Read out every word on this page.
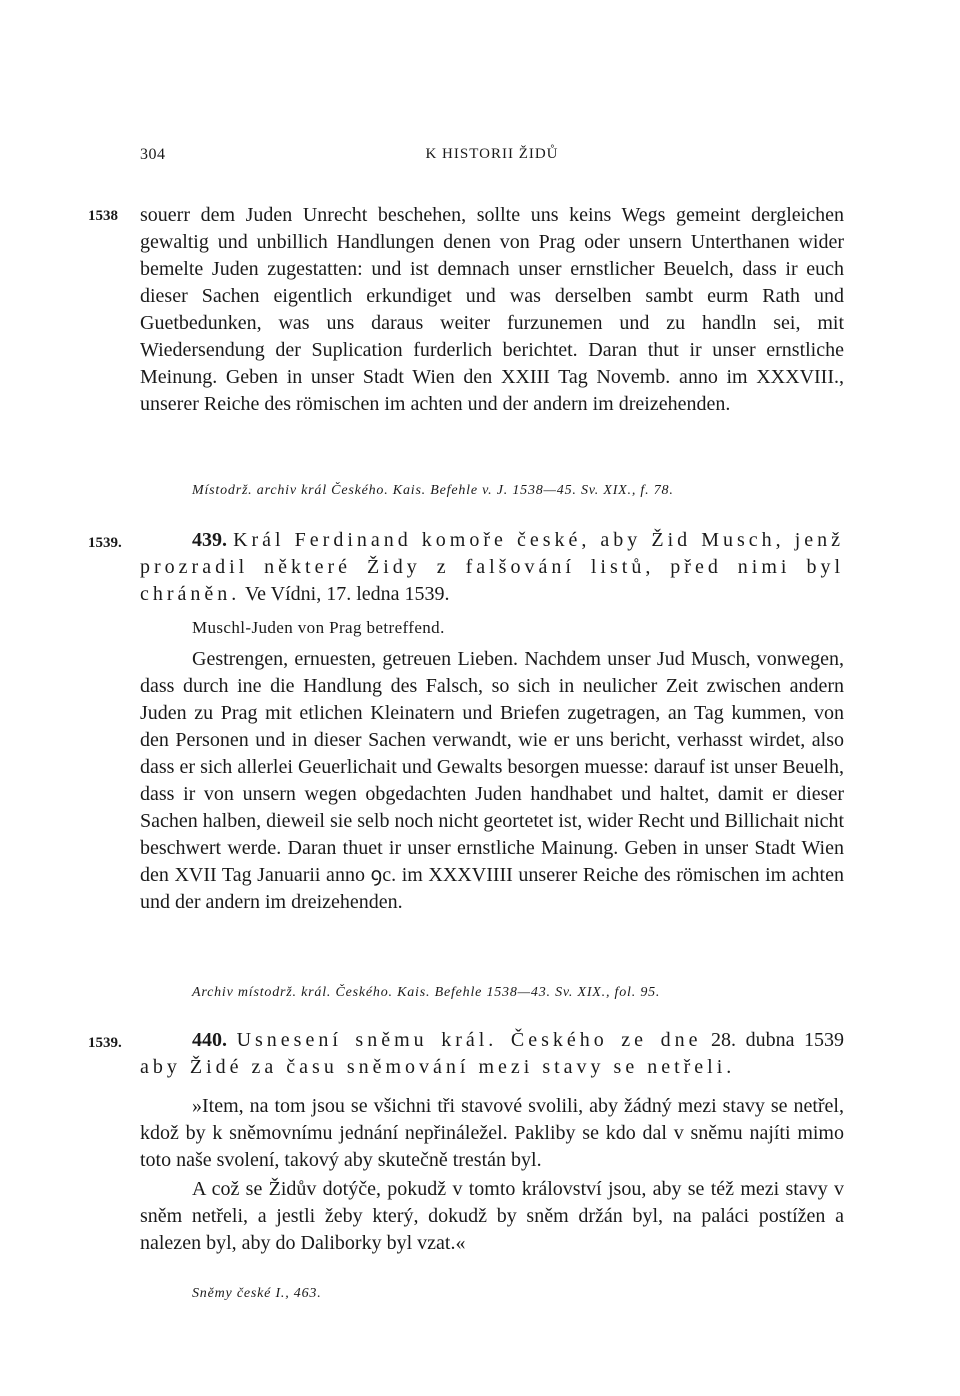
304	K HISTORII ŽIDŮ
1538 souerr dem Juden Unrecht beschehen, sollte uns keins Wegs gemeint dergleichen gewaltig und unbillich Handlungen denen von Prag oder unsern Unterthanen wider bemelte Juden zugestatten: und ist demnach unser ernstlicher Beuelch, dass ir euch dieser Sachen eigentlich erkundiget und was derselben sambt eurm Rath und Guetbedunken, was uns daraus weiter furzunemen und zu handln sei, mit Wiedersendung der Suplication furderlich berichtet. Daran thut ir unser ernstliche Meinung. Geben in unser Stadt Wien den XXIII Tag Novemb. anno im XXXVIII., unserer Reiche des römischen im achten und der andern im dreizehenden.

Místodrž. archiv král Českého. Kais. Befehle v. J. 1538—45. Sv. XIX., f. 78.
1539.	439. Král Ferdinand komoře české, aby Žid Musch, jenž prozradil některé Židy z falšování listů, před nimi byl chráněn. Ve Vídni, 17. ledna 1539.

Muschl-Juden von Prag betreffend.

Gestrengen, ernuesten, getreuen Lieben. Nachdem unser Jud Musch, vonwegen, dass durch ine die Handlung des Falsch, so sich in neulicher Zeit zwischen andern Juden zu Prag mit etlichen Kleinatern und Briefen zugetragen, an Tag kummen, von den Personen und in dieser Sachen verwandt, wie er uns bericht, verhasst wirdet, also dass er sich allerlei Geuerlichait und Gewalts besorgen muesse: darauf ist unser Beuelh, dass ir von unsern wegen obgedachten Juden handhabet und haltet, damit er dieser Sachen halben, dieweil sie selb noch nicht geortetet ist, wider Recht und Billichait nicht beschwert werde. Daran thuet ir unser ernstliche Mainung. Geben in unser Stadt Wien den XVII Tag Januarii anno ꝯc. im XXXVIIII unserer Reiche des römischen im achten und der andern im dreizehenden.

Archiv místodrž. král. Českého. Kais. Befehle 1538—43. Sv. XIX., fol. 95.
1539.	440. Usnesení sněmu král. Českého ze dne 28. dubna 1539 aby Židé za času sněmování mezi stavy se netřeli.

»Item, na tom jsou se všichni tři stavové svolili, aby žádný mezi stavy se netřel, kdož by k sněmovnímu jednání nepřináležel. Pakliby se kdo dal v sněmu najíti mimo toto naše svolení, takový aby skutečně trestán byl.

A což se Židův dotýče, pokudž v tomto království jsou, aby se též mezi stavy v sněm netřeli, a jestli žeby který, dokudž by sněm držán byl, na paláci postížen a nalezen byl, aby do Daliborky byl vzat.«

Sněmy české I., 463.
